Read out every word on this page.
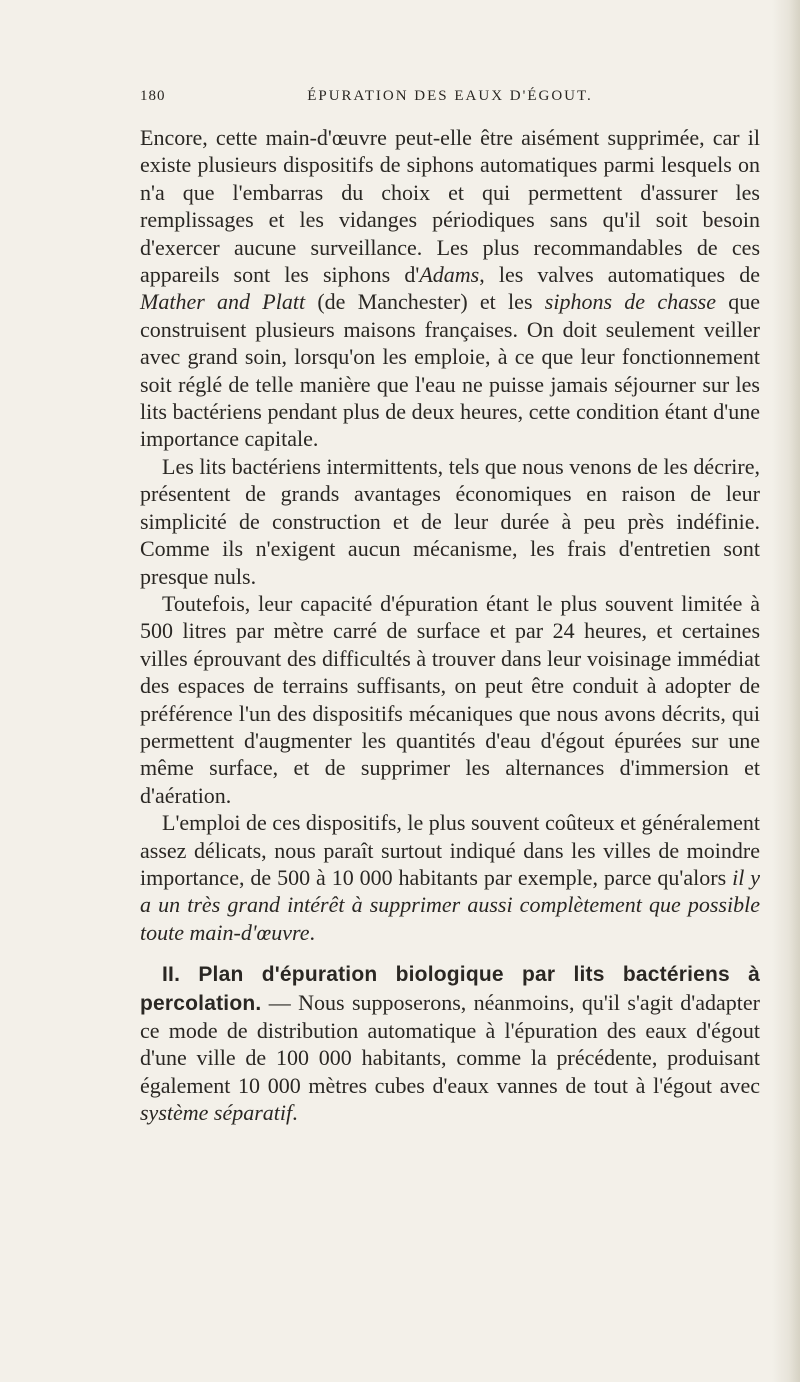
180	ÉPURATION DES EAUX D'ÉGOUT.

Encore, cette main-d'œuvre peut-elle être aisément supprimée, car il existe plusieurs dispositifs de siphons automatiques parmi lesquels on n'a que l'embarras du choix et qui permettent d'assurer les remplissages et les vidanges périodiques sans qu'il soit besoin d'exercer aucune surveillance. Les plus recommandables de ces appareils sont les siphons d'Adams, les valves automatiques de Mather and Platt (de Manchester) et les siphons de chasse que construisent plusieurs maisons françaises. On doit seulement veiller avec grand soin, lorsqu'on les emploie, à ce que leur fonctionnement soit réglé de telle manière que l'eau ne puisse jamais séjourner sur les lits bactériens pendant plus de deux heures, cette condition étant d'une importance capitale.

Les lits bactériens intermittents, tels que nous venons de les décrire, présentent de grands avantages économiques en raison de leur simplicité de construction et de leur durée à peu près indéfinie. Comme ils n'exigent aucun mécanisme, les frais d'entretien sont presque nuls.

Toutefois, leur capacité d'épuration étant le plus souvent limitée à 500 litres par mètre carré de surface et par 24 heures, et certaines villes éprouvant des difficultés à trouver dans leur voisinage immédiat des espaces de terrains suffisants, on peut être conduit à adopter de préférence l'un des dispositifs mécaniques que nous avons décrits, qui permettent d'augmenter les quantités d'eau d'égout épurées sur une même surface, et de supprimer les alternances d'immersion et d'aération.

L'emploi de ces dispositifs, le plus souvent coûteux et généralement assez délicats, nous paraît surtout indiqué dans les villes de moindre importance, de 500 à 10 000 habitants par exemple, parce qu'alors il y a un très grand intérêt à supprimer aussi complètement que possible toute main-d'œuvre.

II. Plan d'épuration biologique par lits bactériens à percolation. — Nous supposerons, néanmoins, qu'il s'agit d'adapter ce mode de distribution automatique à l'épuration des eaux d'égout d'une ville de 100 000 habitants, comme la précédente, produisant également 10 000 mètres cubes d'eaux vannes de tout à l'égout avec système séparatif.
